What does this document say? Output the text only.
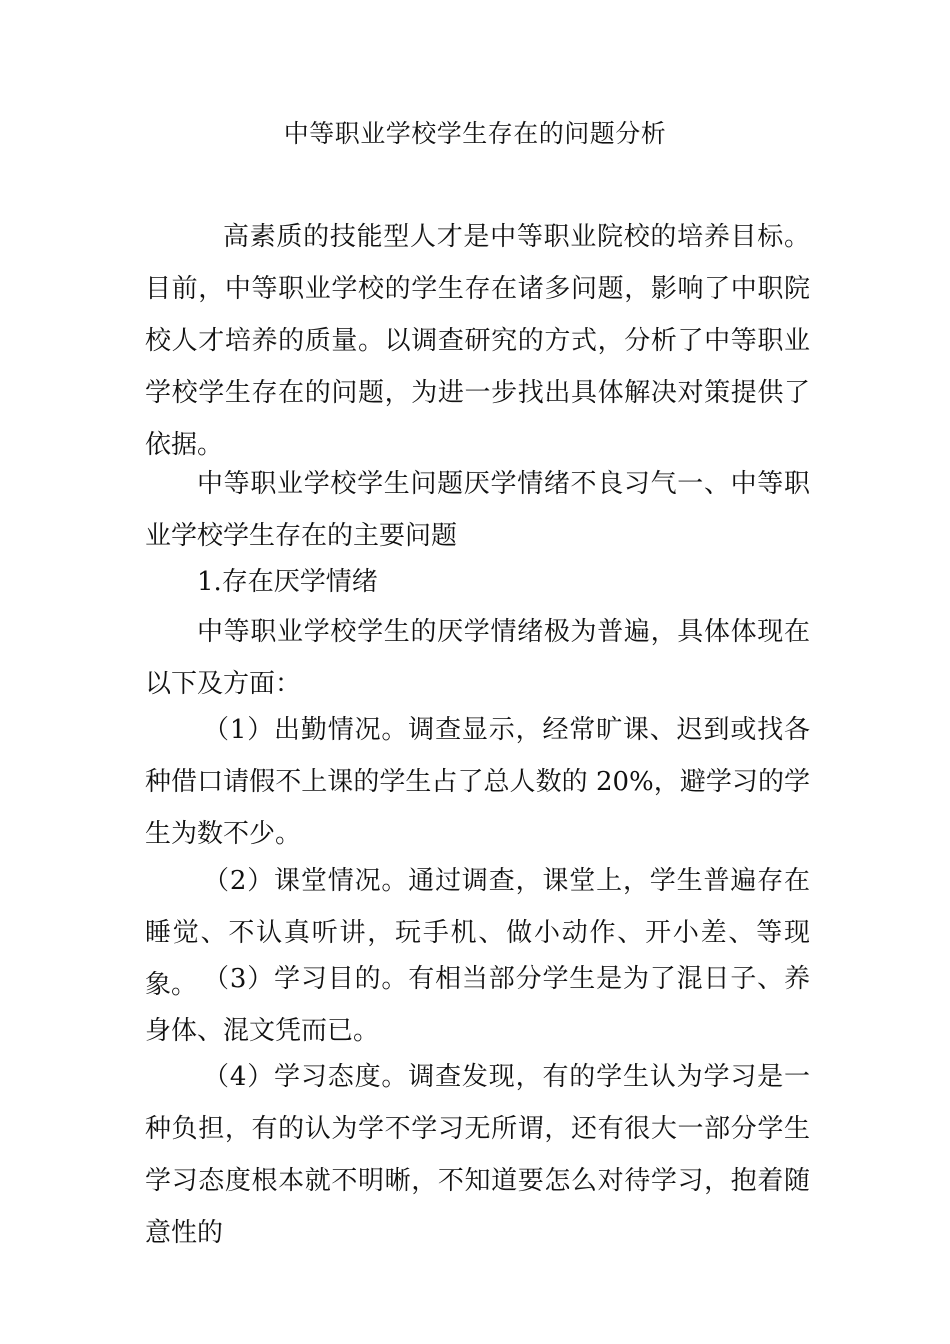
中等职业学校学生存在的问题分析

高素质的技能型人才是中等职业院校的培养目标。目前，中等职业学校的学生存在诸多问题，影响了中职院校人才培养的质量。以调查研究的方式，分析了中等职业学校学生存在的问题，为进一步找出具体解决对策提供了依据。

中等职业学校学生问题厌学情绪不良习气一、中等职业学校学生存在的主要问题

1.存在厌学情绪

中等职业学校学生的厌学情绪极为普遍，具体体现在以下及方面：

（1）出勤情况。调查显示，经常旷课、迟到或找各种借口请假不上课的学生占了总人数的 20%，避学习的学生为数不少。

（2）课堂情况。通过调查，课堂上，学生普遍存在睡觉、不认真听讲，玩手机、做小动作、开小差、等现象。 （3）学习目的。有相当部分学生是为了混日子、养身体、混文凭而已。

（4）学习态度。调查发现，有的学生认为学习是一种负担，有的认为学不学习无所谓，还有很大一部分学生学习态度根本就不明晰，不知道要怎么对待学习，抱着随意性的
